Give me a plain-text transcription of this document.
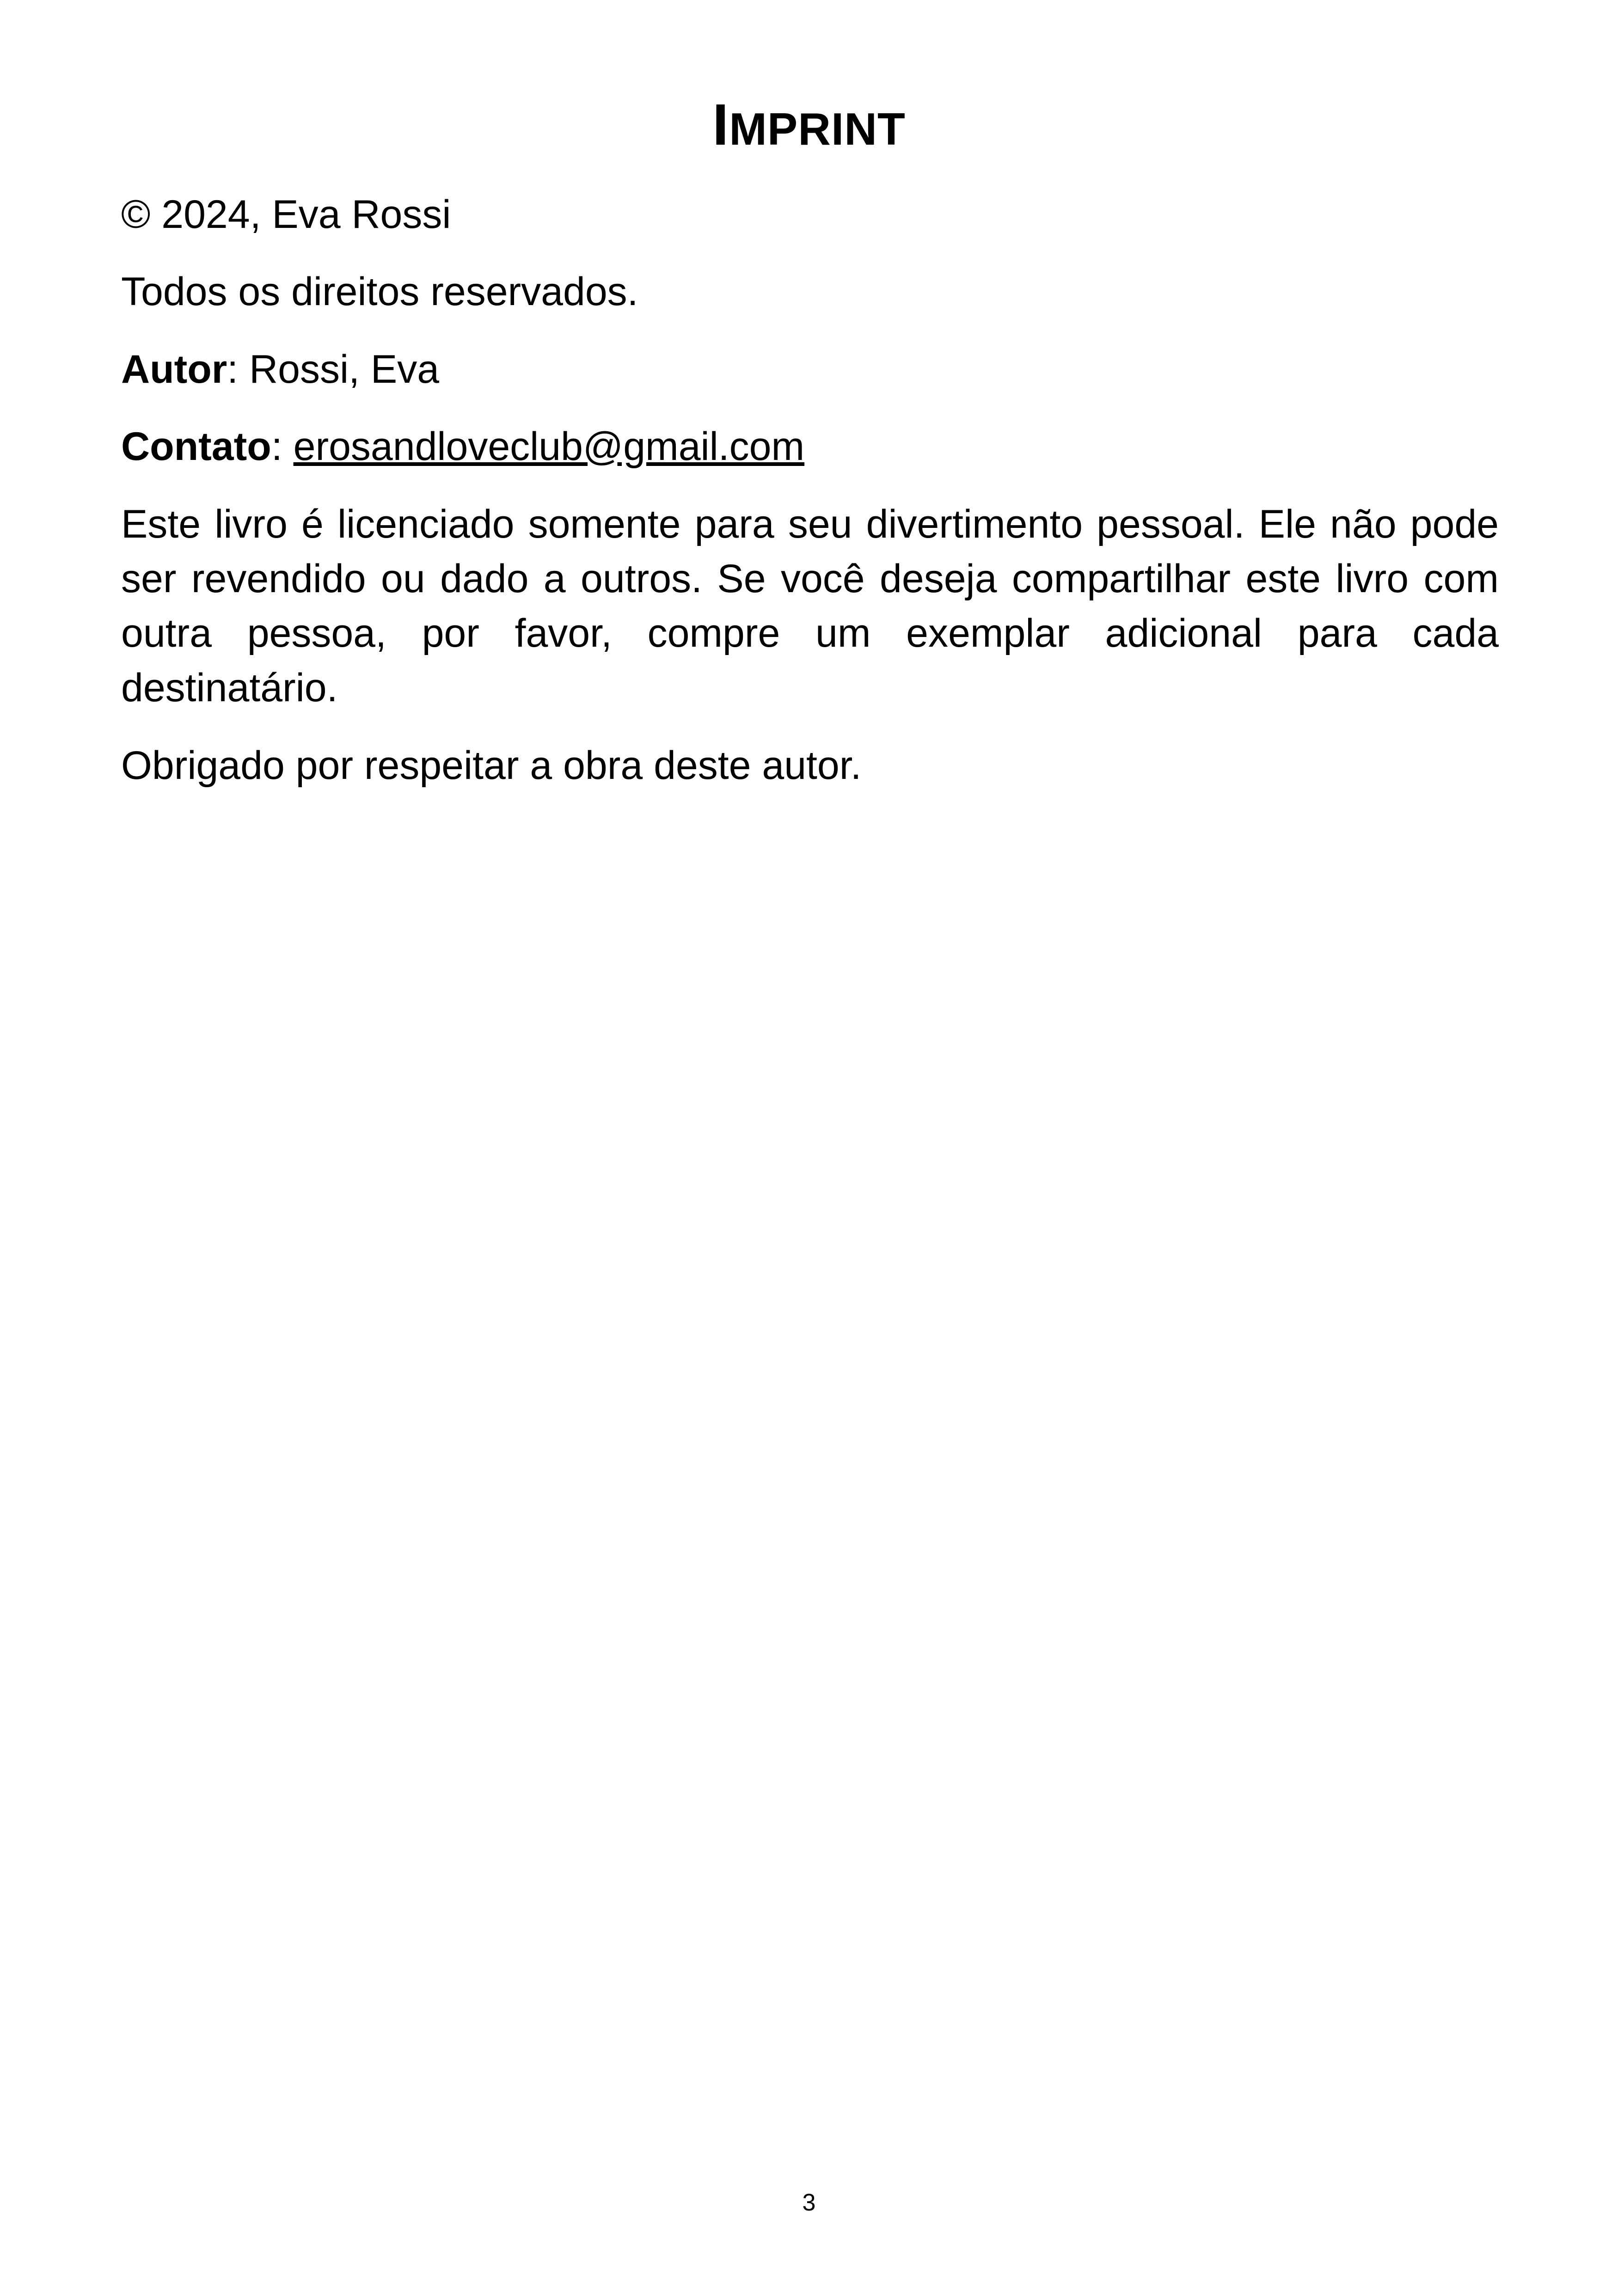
IMPRINT

© 2024, Eva Rossi

Todos os direitos reservados.

Autor: Rossi, Eva

Contato: erosandloveclub@gmail.com

Este livro é licenciado somente para seu divertimento pessoal. Ele não pode ser revendido ou dado a outros. Se você deseja compartilhar este livro com outra pessoa, por favor, compre um exemplar adicional para cada destinatário.

Obrigado por respeitar a obra deste autor.

3
